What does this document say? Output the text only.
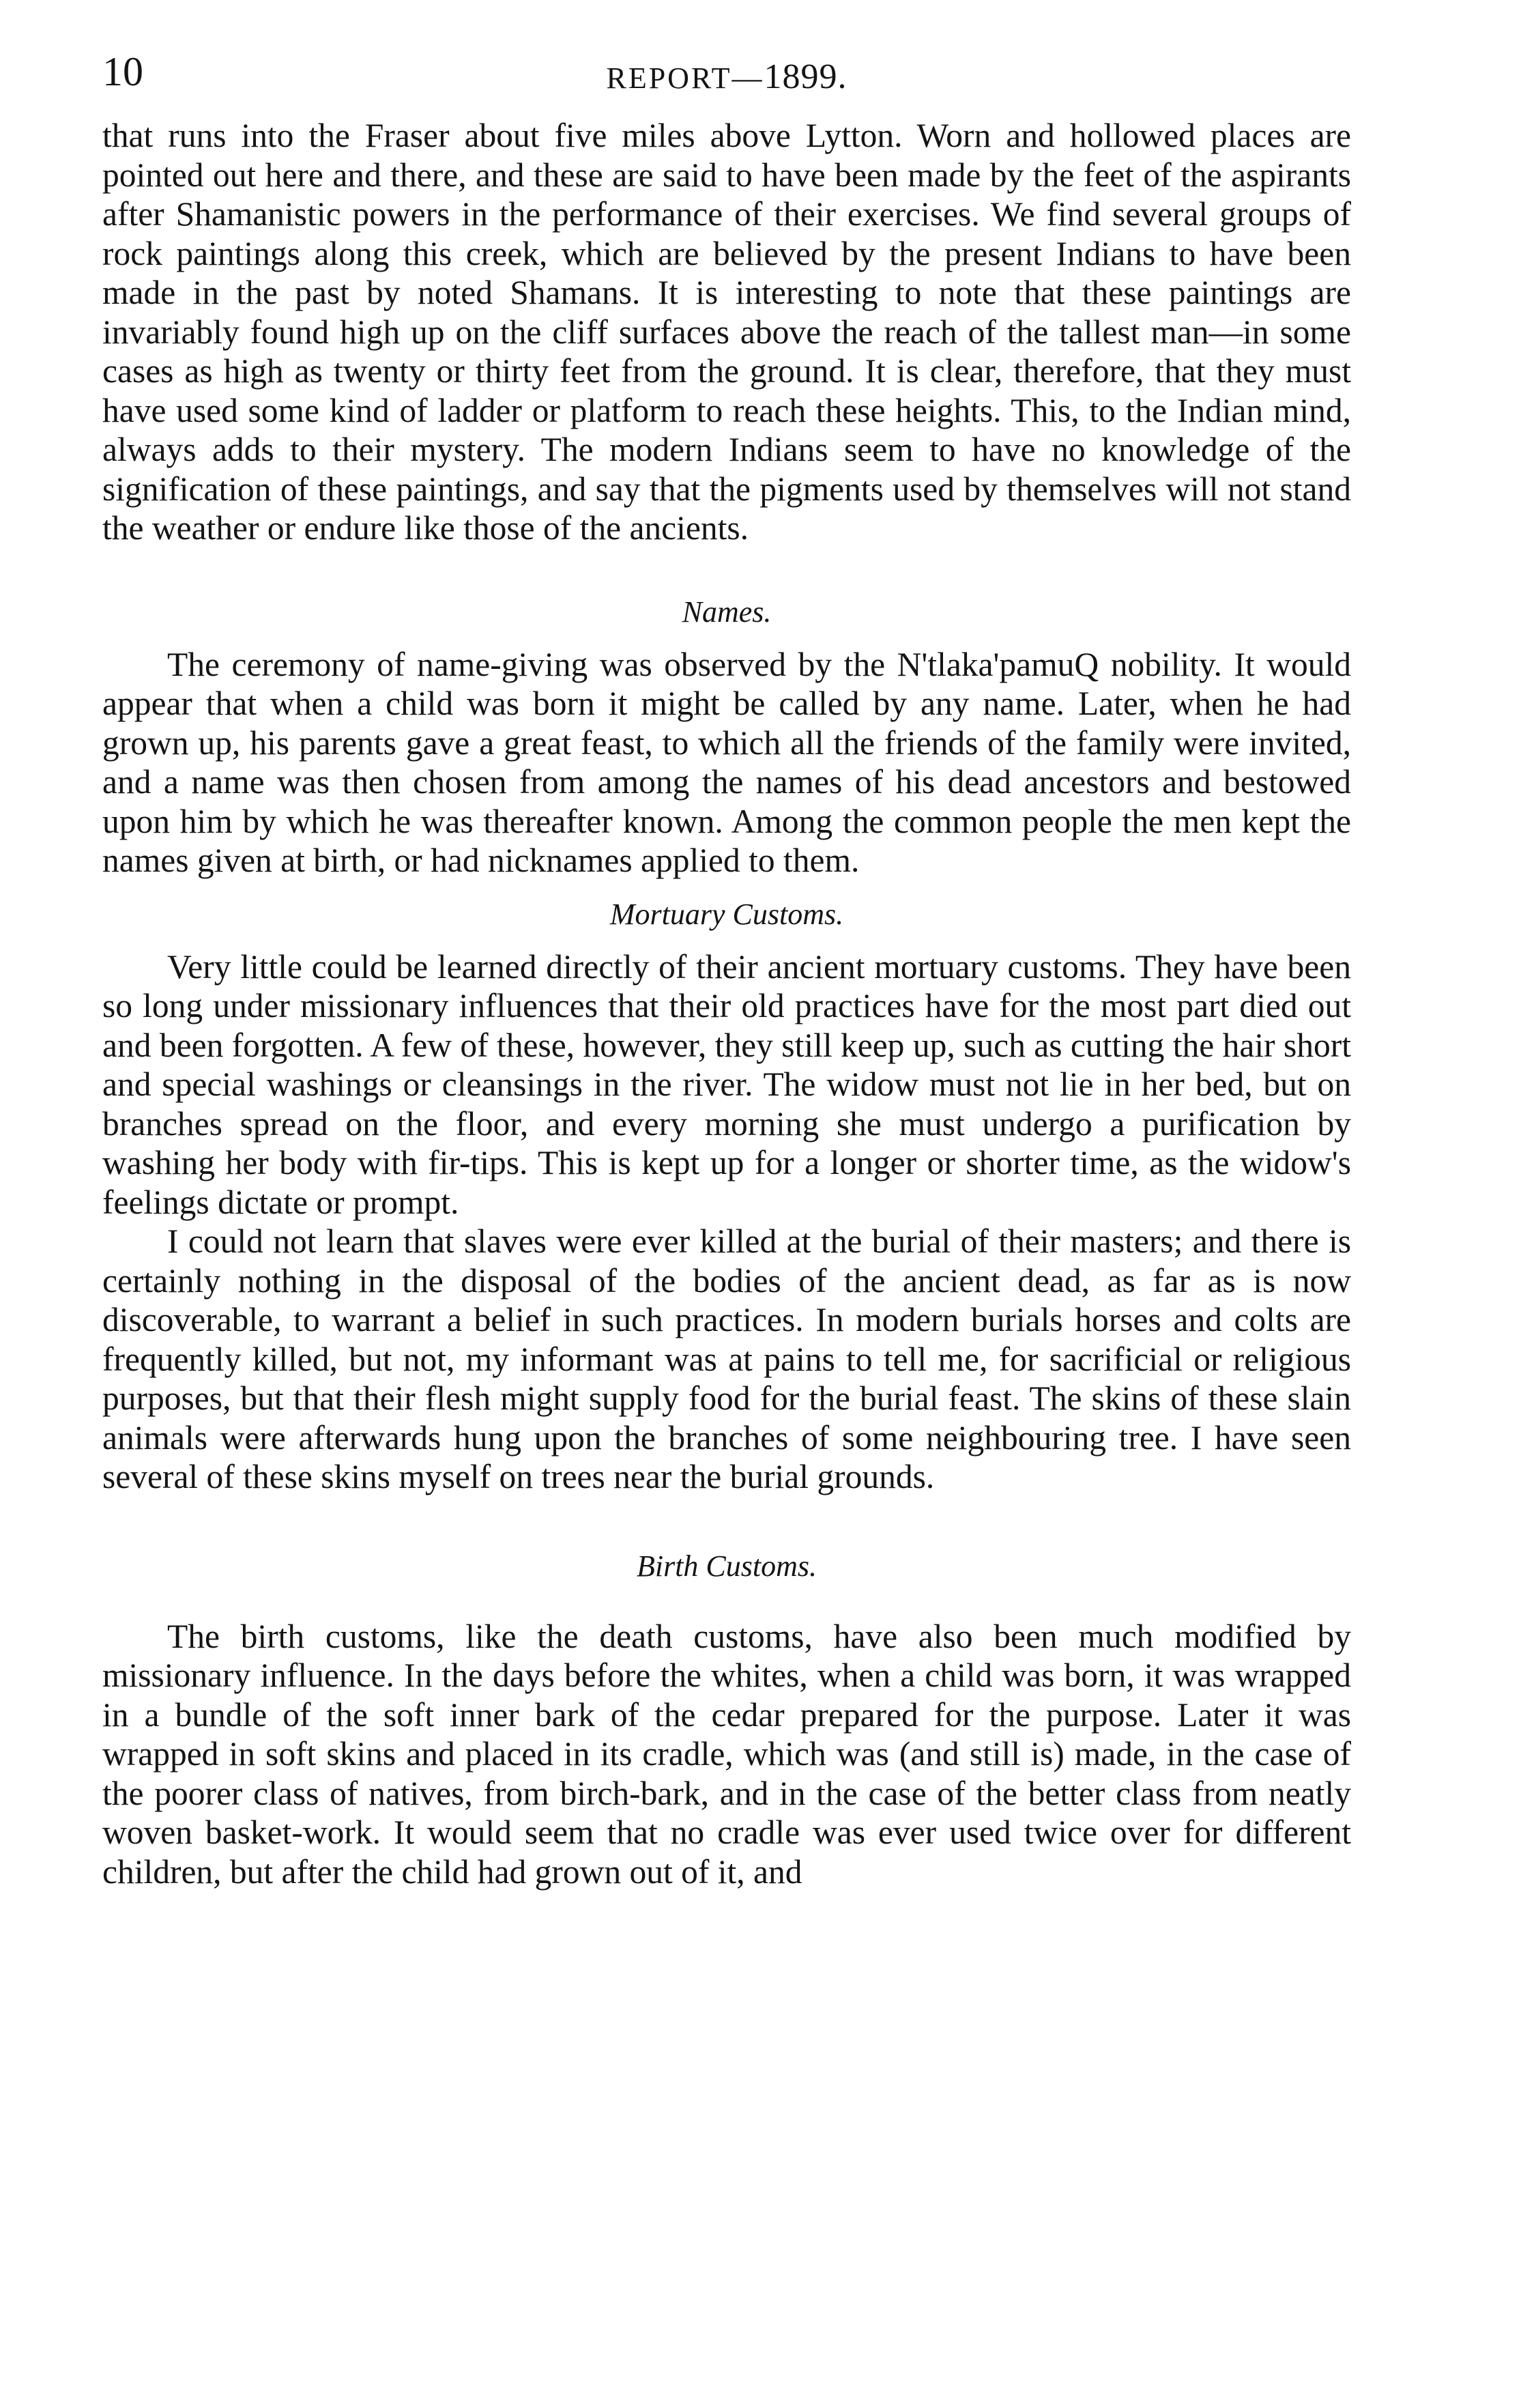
10	REPORT—1899.

that runs into the Fraser about five miles above Lytton. Worn and hollowed places are pointed out here and there, and these are said to have been made by the feet of the aspirants after Shamanistic powers in the performance of their exercises. We find several groups of rock paintings along this creek, which are believed by the present Indians to have been made in the past by noted Shamans. It is interesting to note that these paintings are invariably found high up on the cliff surfaces above the reach of the tallest man—in some cases as high as twenty or thirty feet from the ground. It is clear, therefore, that they must have used some kind of ladder or platform to reach these heights. This, to the Indian mind, always adds to their mystery. The modern Indians seem to have no knowledge of the signification of these paintings, and say that the pigments used by themselves will not stand the weather or endure like those of the ancients.

Names.

The ceremony of name-giving was observed by the N'tlaka'pamuQ nobility. It would appear that when a child was born it might be called by any name. Later, when he had grown up, his parents gave a great feast, to which all the friends of the family were invited, and a name was then chosen from among the names of his dead ancestors and bestowed upon him by which he was thereafter known. Among the common people the men kept the names given at birth, or had nicknames applied to them.

Mortuary Customs.

Very little could be learned directly of their ancient mortuary customs. They have been so long under missionary influences that their old practices have for the most part died out and been forgotten. A few of these, however, they still keep up, such as cutting the hair short and special washings or cleansings in the river. The widow must not lie in her bed, but on branches spread on the floor, and every morning she must undergo a purification by washing her body with fir-tips. This is kept up for a longer or shorter time, as the widow's feelings dictate or prompt.

I could not learn that slaves were ever killed at the burial of their masters; and there is certainly nothing in the disposal of the bodies of the ancient dead, as far as is now discoverable, to warrant a belief in such practices. In modern burials horses and colts are frequently killed, but not, my informant was at pains to tell me, for sacrificial or religious purposes, but that their flesh might supply food for the burial feast. The skins of these slain animals were afterwards hung upon the branches of some neighbouring tree. I have seen several of these skins myself on trees near the burial grounds.

Birth Customs.

The birth customs, like the death customs, have also been much modified by missionary influence. In the days before the whites, when a child was born, it was wrapped in a bundle of the soft inner bark of the cedar prepared for the purpose. Later it was wrapped in soft skins and placed in its cradle, which was (and still is) made, in the case of the poorer class of natives, from birch-bark, and in the case of the better class from neatly woven basket-work. It would seem that no cradle was ever used twice over for different children, but after the child had grown out of it, and
